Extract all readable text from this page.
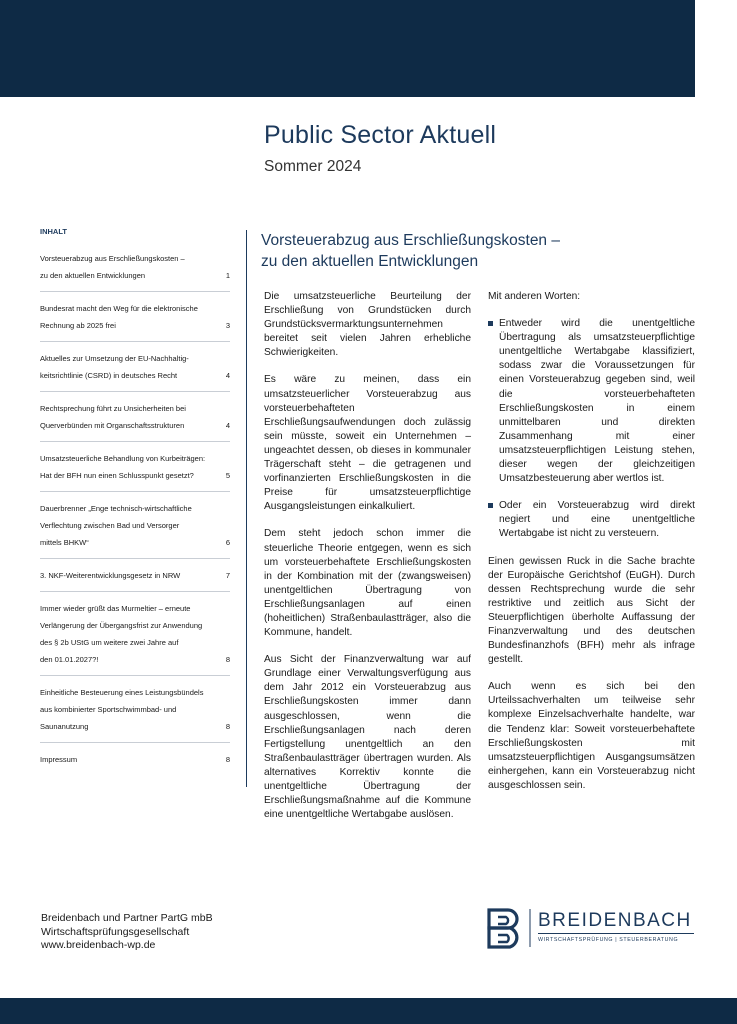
Public Sector Aktuell
Sommer 2024
INHALT
Vorsteuerabzug aus Erschließungskosten –
zu den aktuellen Entwicklungen	1
Bundesrat macht den Weg für die elektronische
Rechnung ab 2025 frei	3
Aktuelles zur Umsetzung der EU-Nachhaltig-
keitsrichtlinie (CSRD) in deutsches Recht	4
Rechtsprechung führt zu Unsicherheiten bei
Querverbünden mit Organschaftsstrukturen	4
Umsatzsteuerliche Behandlung von Kurbeiträgen:
Hat der BFH nun einen Schlusspunkt gesetzt?	5
Dauerbrenner „Enge technisch-wirtschaftliche
Verflechtung zwischen Bad und Versorger
mittels BHKW“	6
3. NKF-Weiterentwicklungsgesetz in NRW	7
Immer wieder grüßt das Murmeltier – erneute
Verlängerung der Übergangsfrist zur Anwendung
des § 2b UStG um weitere zwei Jahre auf
den 01.01.2027?!	8
Einheitliche Besteuerung eines Leistungsbündels
aus kombinierter Sportschwimmbad- und
Saunanutzung	8
Impressum	8
Vorsteuerabzug aus Erschließungskosten –
zu den aktuellen Entwicklungen

Die umsatzsteuerliche Beurteilung der Erschließung von Grundstücken durch Grundstücksvermarktungsunternehmen bereitet seit vielen Jahren erhebliche Schwierigkeiten.

Es wäre zu meinen, dass ein umsatzsteuerlicher Vorsteuerabzug aus vorsteuerbehafteten Erschließungsaufwendungen doch zulässig sein müsste, soweit ein Unternehmen – ungeachtet dessen, ob dieses in kommunaler Trägerschaft steht – die getragenen und vorfinanzierten Erschließungskosten in die Preise für umsatzsteuerpflichtige Ausgangsleistungen einkalkuliert.

Dem steht jedoch schon immer die steuerliche Theorie entgegen, wenn es sich um vorsteuerbehaftete Erschließungskosten in der Kombination mit der (zwangsweisen) unentgeltlichen Übertragung von Erschließungsanlagen auf einen (hoheitlichen) Straßenbaulastträger, also die Kommune, handelt.

Aus Sicht der Finanzverwaltung war auf Grundlage einer Verwaltungsverfügung aus dem Jahr 2012 ein Vorsteuerabzug aus Erschließungskosten immer dann ausgeschlossen, wenn die Erschließungsanlagen nach deren Fertigstellung unentgeltlich an den Straßenbaulastträger übertragen wurden. Als alternatives Korrektiv konnte die unentgeltliche Übertragung der Erschließungsmaßnahme auf die Kommune eine unentgeltliche Wertabgabe auslösen.

Mit anderen Worten:

Entweder wird die unentgeltliche Übertragung als umsatzsteuerpflichtige unentgeltliche Wertabgabe klassifiziert, sodass zwar die Voraussetzungen für einen Vorsteuerabzug gegeben sind, weil die vorsteuerbehafteten Erschließungskosten in einem unmittelbaren und direkten Zusammenhang mit einer umsatzsteuerpflichtigen Leistung stehen, dieser wegen der gleichzeitigen Umsatzbesteuerung aber wertlos ist.
Oder ein Vorsteuerabzug wird direkt negiert und eine unentgeltliche Wertabgabe ist nicht zu versteuern.

Einen gewissen Ruck in die Sache brachte der Europäische Gerichtshof (EuGH). Durch dessen Rechtsprechung wurde die sehr restriktive und zeitlich aus Sicht der Steuerpflichtigen überholte Auffassung der Finanzverwaltung und des deutschen Bundesfinanzhofs (BFH) mehr als infrage gestellt.

Auch wenn es sich bei den Urteilssachverhalten um teilweise sehr komplexe Einzelsachverhalte handelte, war die Tendenz klar: Soweit vorsteuerbehaftete Erschließungskosten mit umsatzsteuerpflichtigen Ausgangsumsätzen einhergehen, kann ein Vorsteuerabzug nicht ausgeschlossen sein.

Breidenbach und Partner PartG mbB
Wirtschaftsprüfungsgesellschaft
www.breidenbach-wp.de
BREIDENBACH
WIRTSCHAFTSPRÜFUNG | STEUERBERATUNG
